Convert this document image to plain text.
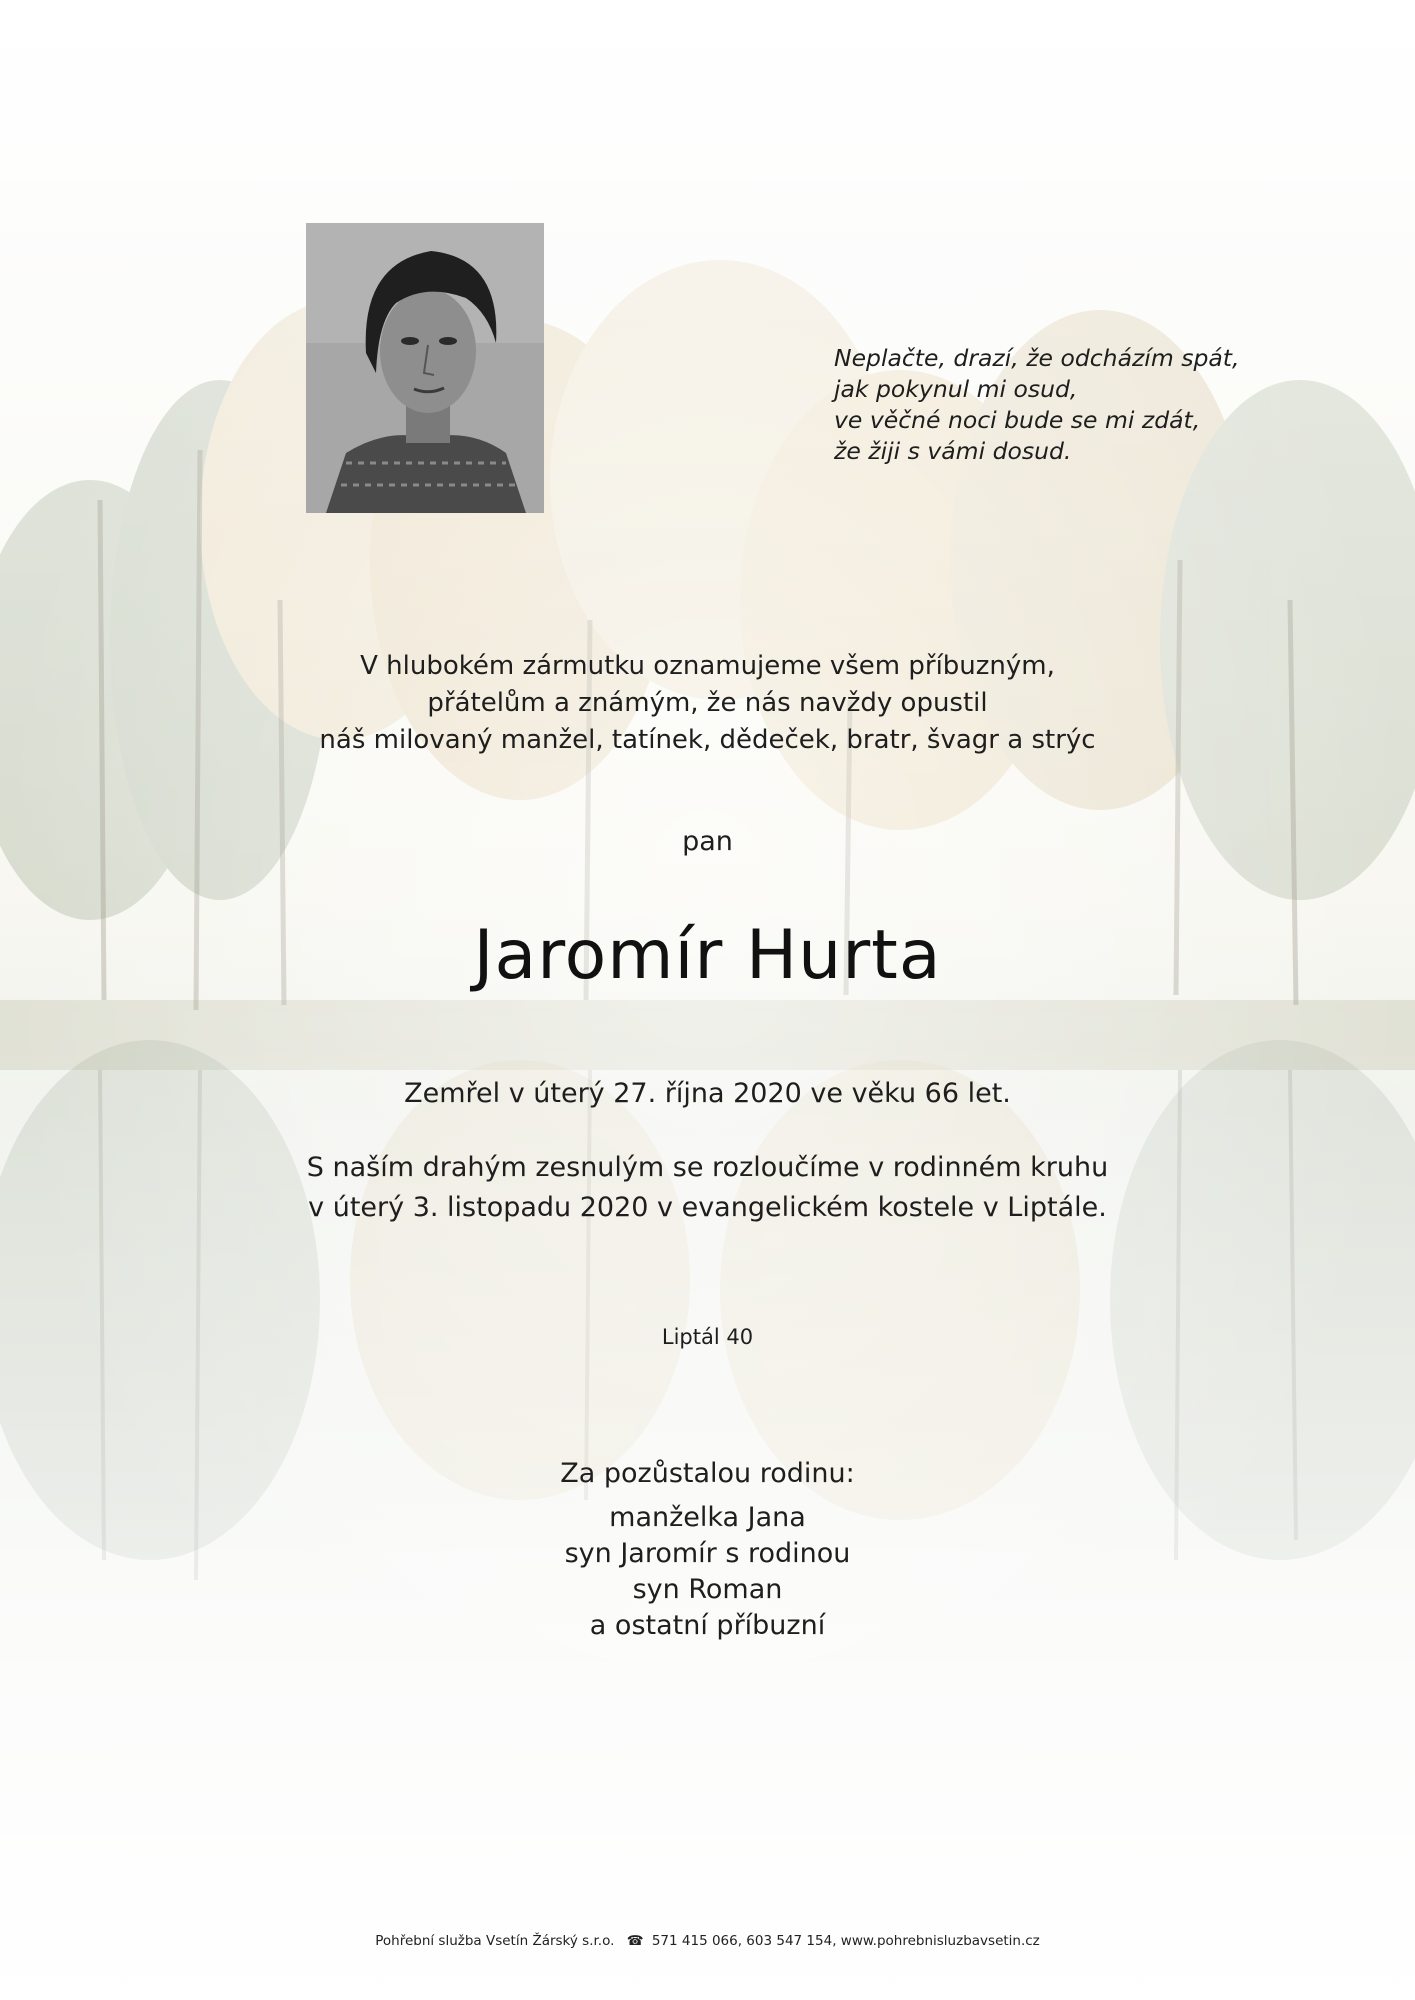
Neplačte, drazí, že odcházím spát,
jak pokynul mi osud,
ve věčné noci bude se mi zdát,
že žiji s vámi dosud.
V hlubokém zármutku oznamujeme všem příbuzným,
přátelům a známým, že nás navždy opustil
náš milovaný manžel, tatínek, dědeček, bratr, švagr a strýc
pan
Jaromír Hurta
Zemřel v úterý 27. října 2020 ve věku 66 let.
S naším drahým zesnulým se rozloučíme v rodinném kruhu
v úterý 3. listopadu 2020 v evangelickém kostele v Liptále.
Liptál 40
Za pozůstalou rodinu:
manželka Jana
syn Jaromír s rodinou
syn Roman
a ostatní příbuzní
Pohřební služba Vsetín Žárský s.r.o. ☎ 571 415 066, 603 547 154, www.pohrebnisluzbavsetin.cz
